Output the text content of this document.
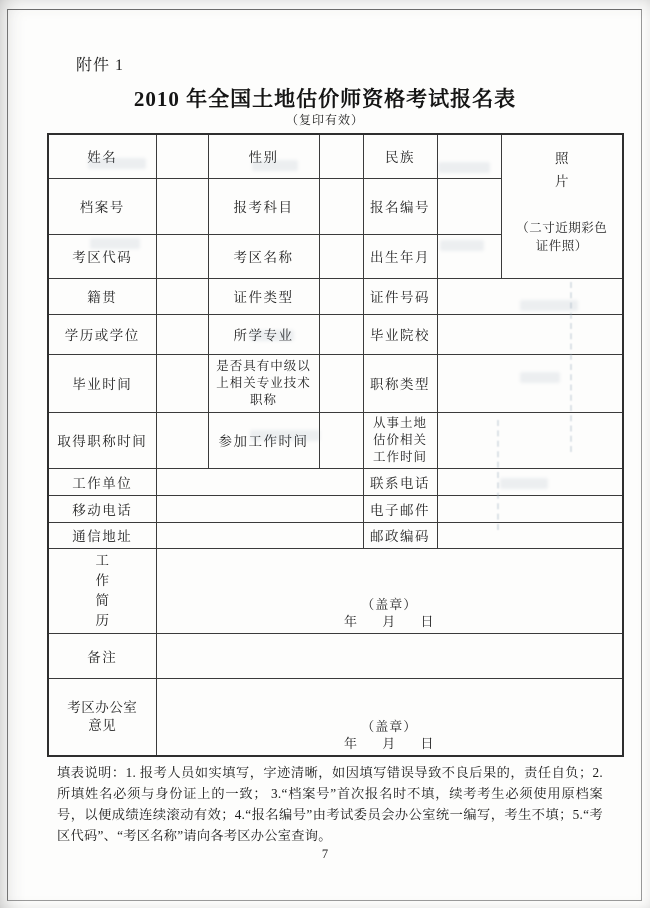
附件 1
2010 年全国土地估价师资格考试报名表
（复印有效）
姓名		性别		民族		照片
（二寸近期彩色证件照）

档案号		报考科目		报名编号		
考区代码		考区名称		出生年月		
籍贯		证件类型		证件号码		
学历或学位		所学专业		毕业院校		
毕业时间		是否具有中级以上相关专业技术职称		职称类型		
取得职称时间		参加工作时间		从事土地估价相关工作时间		
工作单位				联系电话		
移动电话				电子邮件		
通信地址				邮政编码		
工作简历	（盖章）
年 月 日					

备注						
考区办公室意见	（盖章）
年 月 日					

填表说明：1. 报考人员如实填写，字迹清晰，如因填写错误导致不良后果的，责任自负；2. 所填姓名必须与身份证上的一致； 3.“档案号”首次报名时不填，续考考生必须使用原档案号，以便成绩连续滚动有效；4.“报名编号”由考试委员会办公室统一编写，考生不填；5.“考区代码”、“考区名称”请向各考区办公室查询。

7
